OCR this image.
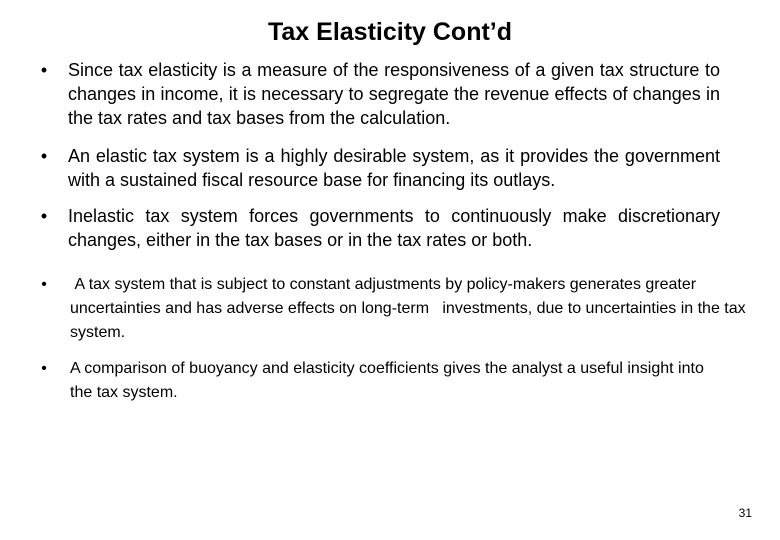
Tax Elasticity Cont’d
• Since tax elasticity is a measure of the responsiveness of a given tax structure to changes in income, it is necessary to segregate the revenue effects of changes in the tax rates and tax bases from the calculation.

• An elastic tax system is a highly desirable system, as it provides the government with a sustained fiscal resource base for financing its outlays.

• Inelastic tax system forces governments to continuously make discretionary changes, either in the tax bases or in the tax rates or both.

• A tax system that is subject to constant adjustments by policy-makers generates greater uncertainties and has adverse effects on long-term   investments, due to uncertainties in the tax system.

• A comparison of buoyancy and elasticity coefficients gives the analyst a useful insight into the tax system.

31
